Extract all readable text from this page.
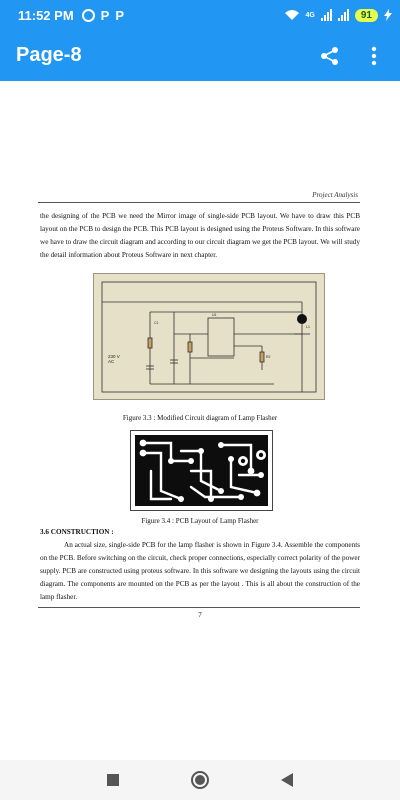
11:52 PM P P	4G	91
Page-8
Project Analysis

the designing of the PCB we need the Mirror image of single-side PCB layout. We have to draw this PCB layout on the PCB to design the PCB. This PCB layout is designed using the Proteus Software. In this software we have to draw the circuit diagram and according to our circuit diagram we get the PCB layout. We will study the detail information about Proteus Software in next chapter.

230 V
AC
C1
U1
R2
L1
Figure 3.3 : Modified Circuit diagram of Lamp Flasher
Figure 3.4 : PCB Layout of Lamp Flasher
3.6 CONSTRUCTION :

An actual size, single-side PCB for the lamp flasher is shown in Figure 3.4. Assemble the components on the PCB. Before switching on the circuit, check proper connections, especially correct polarity of the power supply. PCB are constructed using proteus software. In this software we designing the layouts using the circuit diagram. The components are mounted on the PCB as per the layout . This is all about the construction of the lamp flasher.

7
